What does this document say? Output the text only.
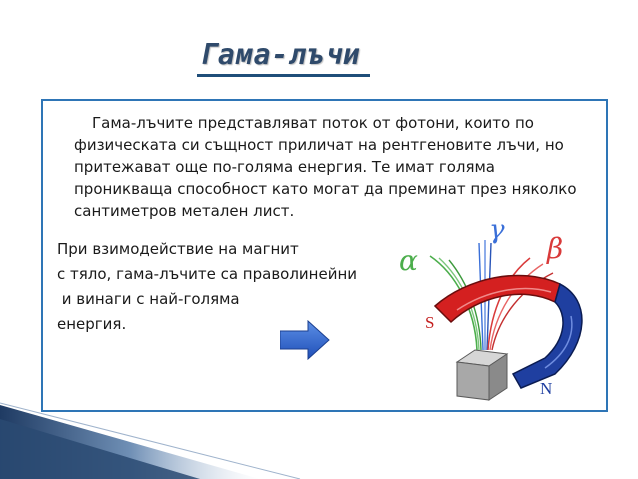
Гама-лъчи

Гама-лъчите представляват поток от фотони, които по физическата си същност приличат на рентгеновите лъчи, но притежават още по-голяма енергия. Те имат голяма проникваща способност като могат да преминат през няколко сантиметров метален лист.

При взимодействие на магнит
с тяло, гама-лъчите са праволинейни
и винаги с най-голяма
енергия.

α
γ
β
S
N
